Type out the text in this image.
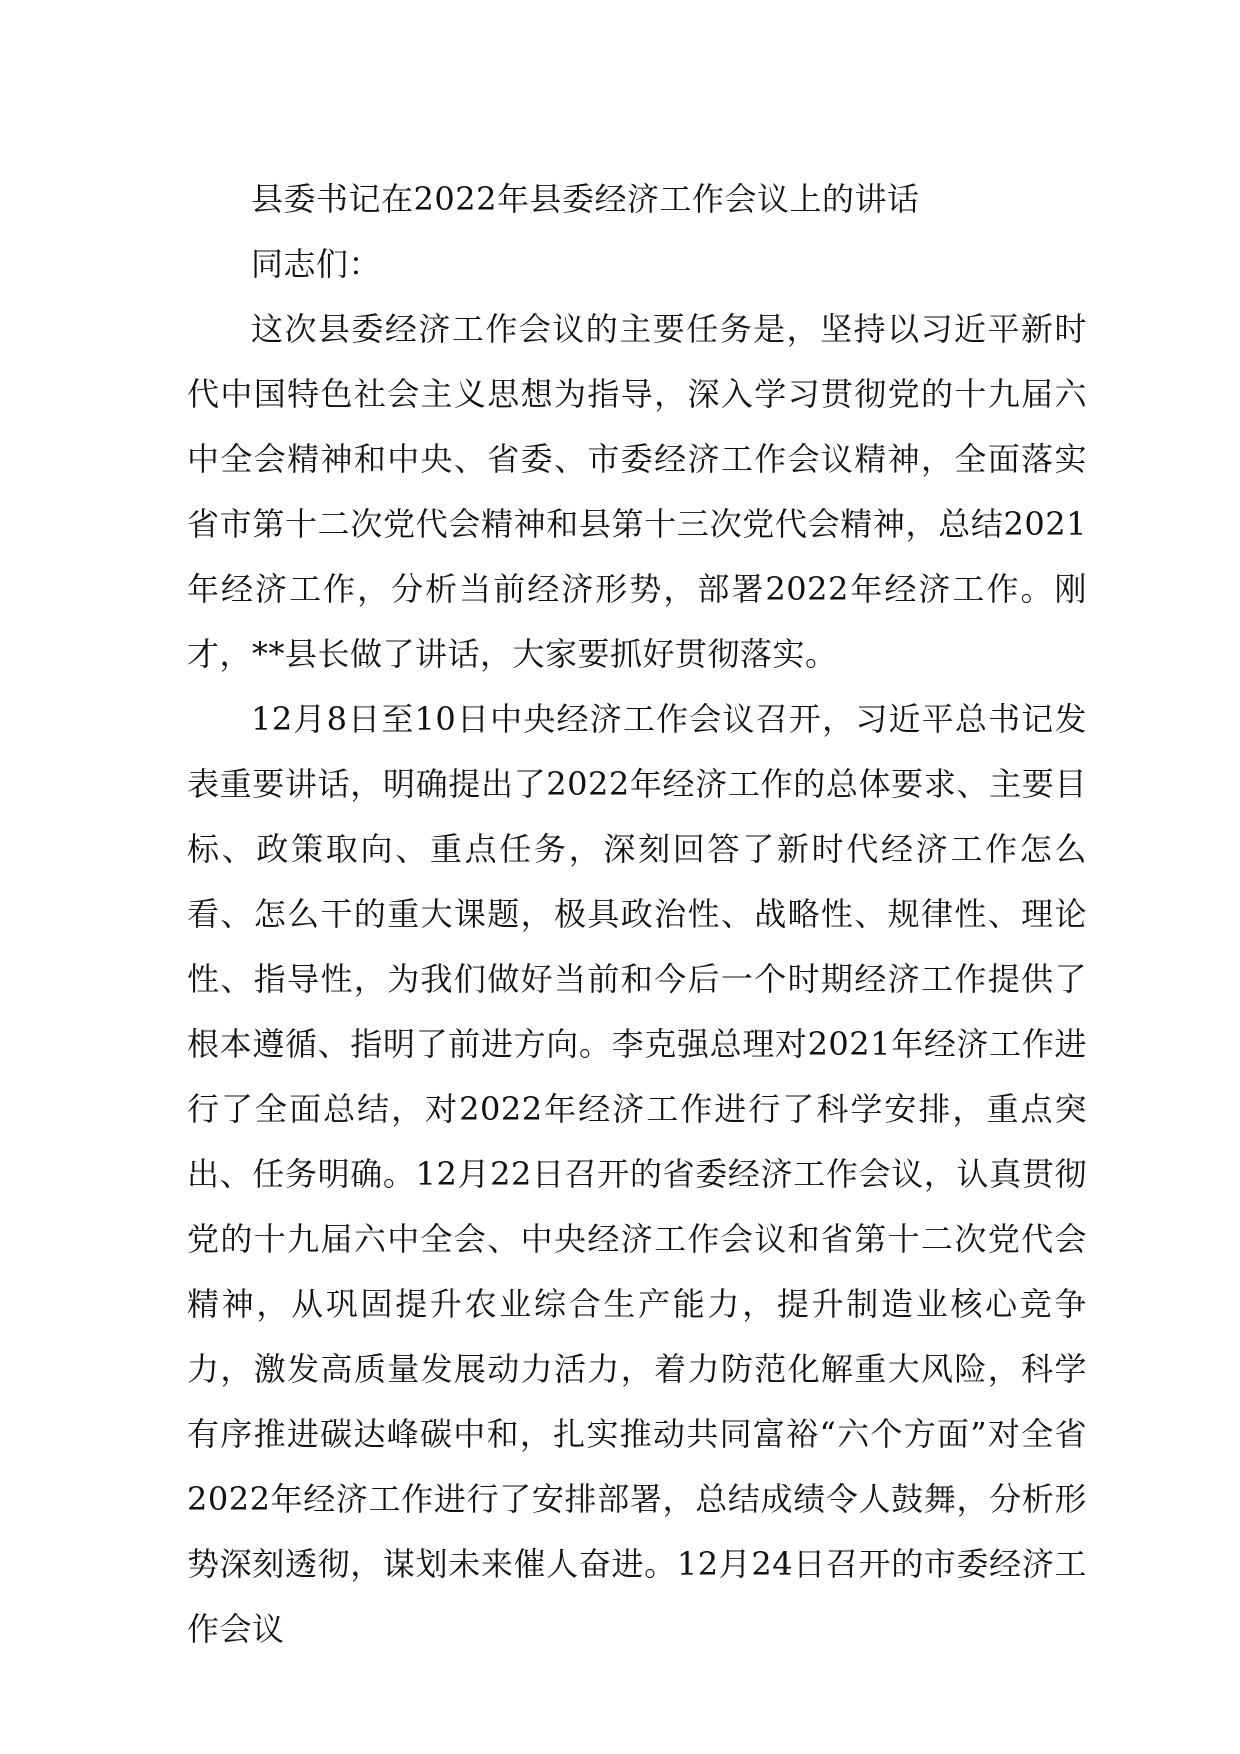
县委书记在2022年县委经济工作会议上的讲话

同志们：

这次县委经济工作会议的主要任务是，坚持以习近平新时代中国特色社会主义思想为指导，深入学习贯彻党的十九届六中全会精神和中央、省委、市委经济工作会议精神，全面落实省市第十二次党代会精神和县第十三次党代会精神，总结2021年经济工作，分析当前经济形势，部署2022年经济工作。刚才，**县长做了讲话，大家要抓好贯彻落实。

12月8日至10日中央经济工作会议召开，习近平总书记发表重要讲话，明确提出了2022年经济工作的总体要求、主要目标、政策取向、重点任务，深刻回答了新时代经济工作怎么看、怎么干的重大课题，极具政治性、战略性、规律性、理论性、指导性，为我们做好当前和今后一个时期经济工作提供了根本遵循、指明了前进方向。李克强总理对2021年经济工作进行了全面总结，对2022年经济工作进行了科学安排，重点突出、任务明确。12月22日召开的省委经济工作会议，认真贯彻党的十九届六中全会、中央经济工作会议和省第十二次党代会精神，从巩固提升农业综合生产能力，提升制造业核心竞争力，激发高质量发展动力活力，着力防范化解重大风险，科学有序推进碳达峰碳中和，扎实推动共同富裕“六个方面”对全省2022年经济工作进行了安排部署，总结成绩令人鼓舞，分析形势深刻透彻，谋划未来催人奋进。12月24日召开的市委经济工作会议
